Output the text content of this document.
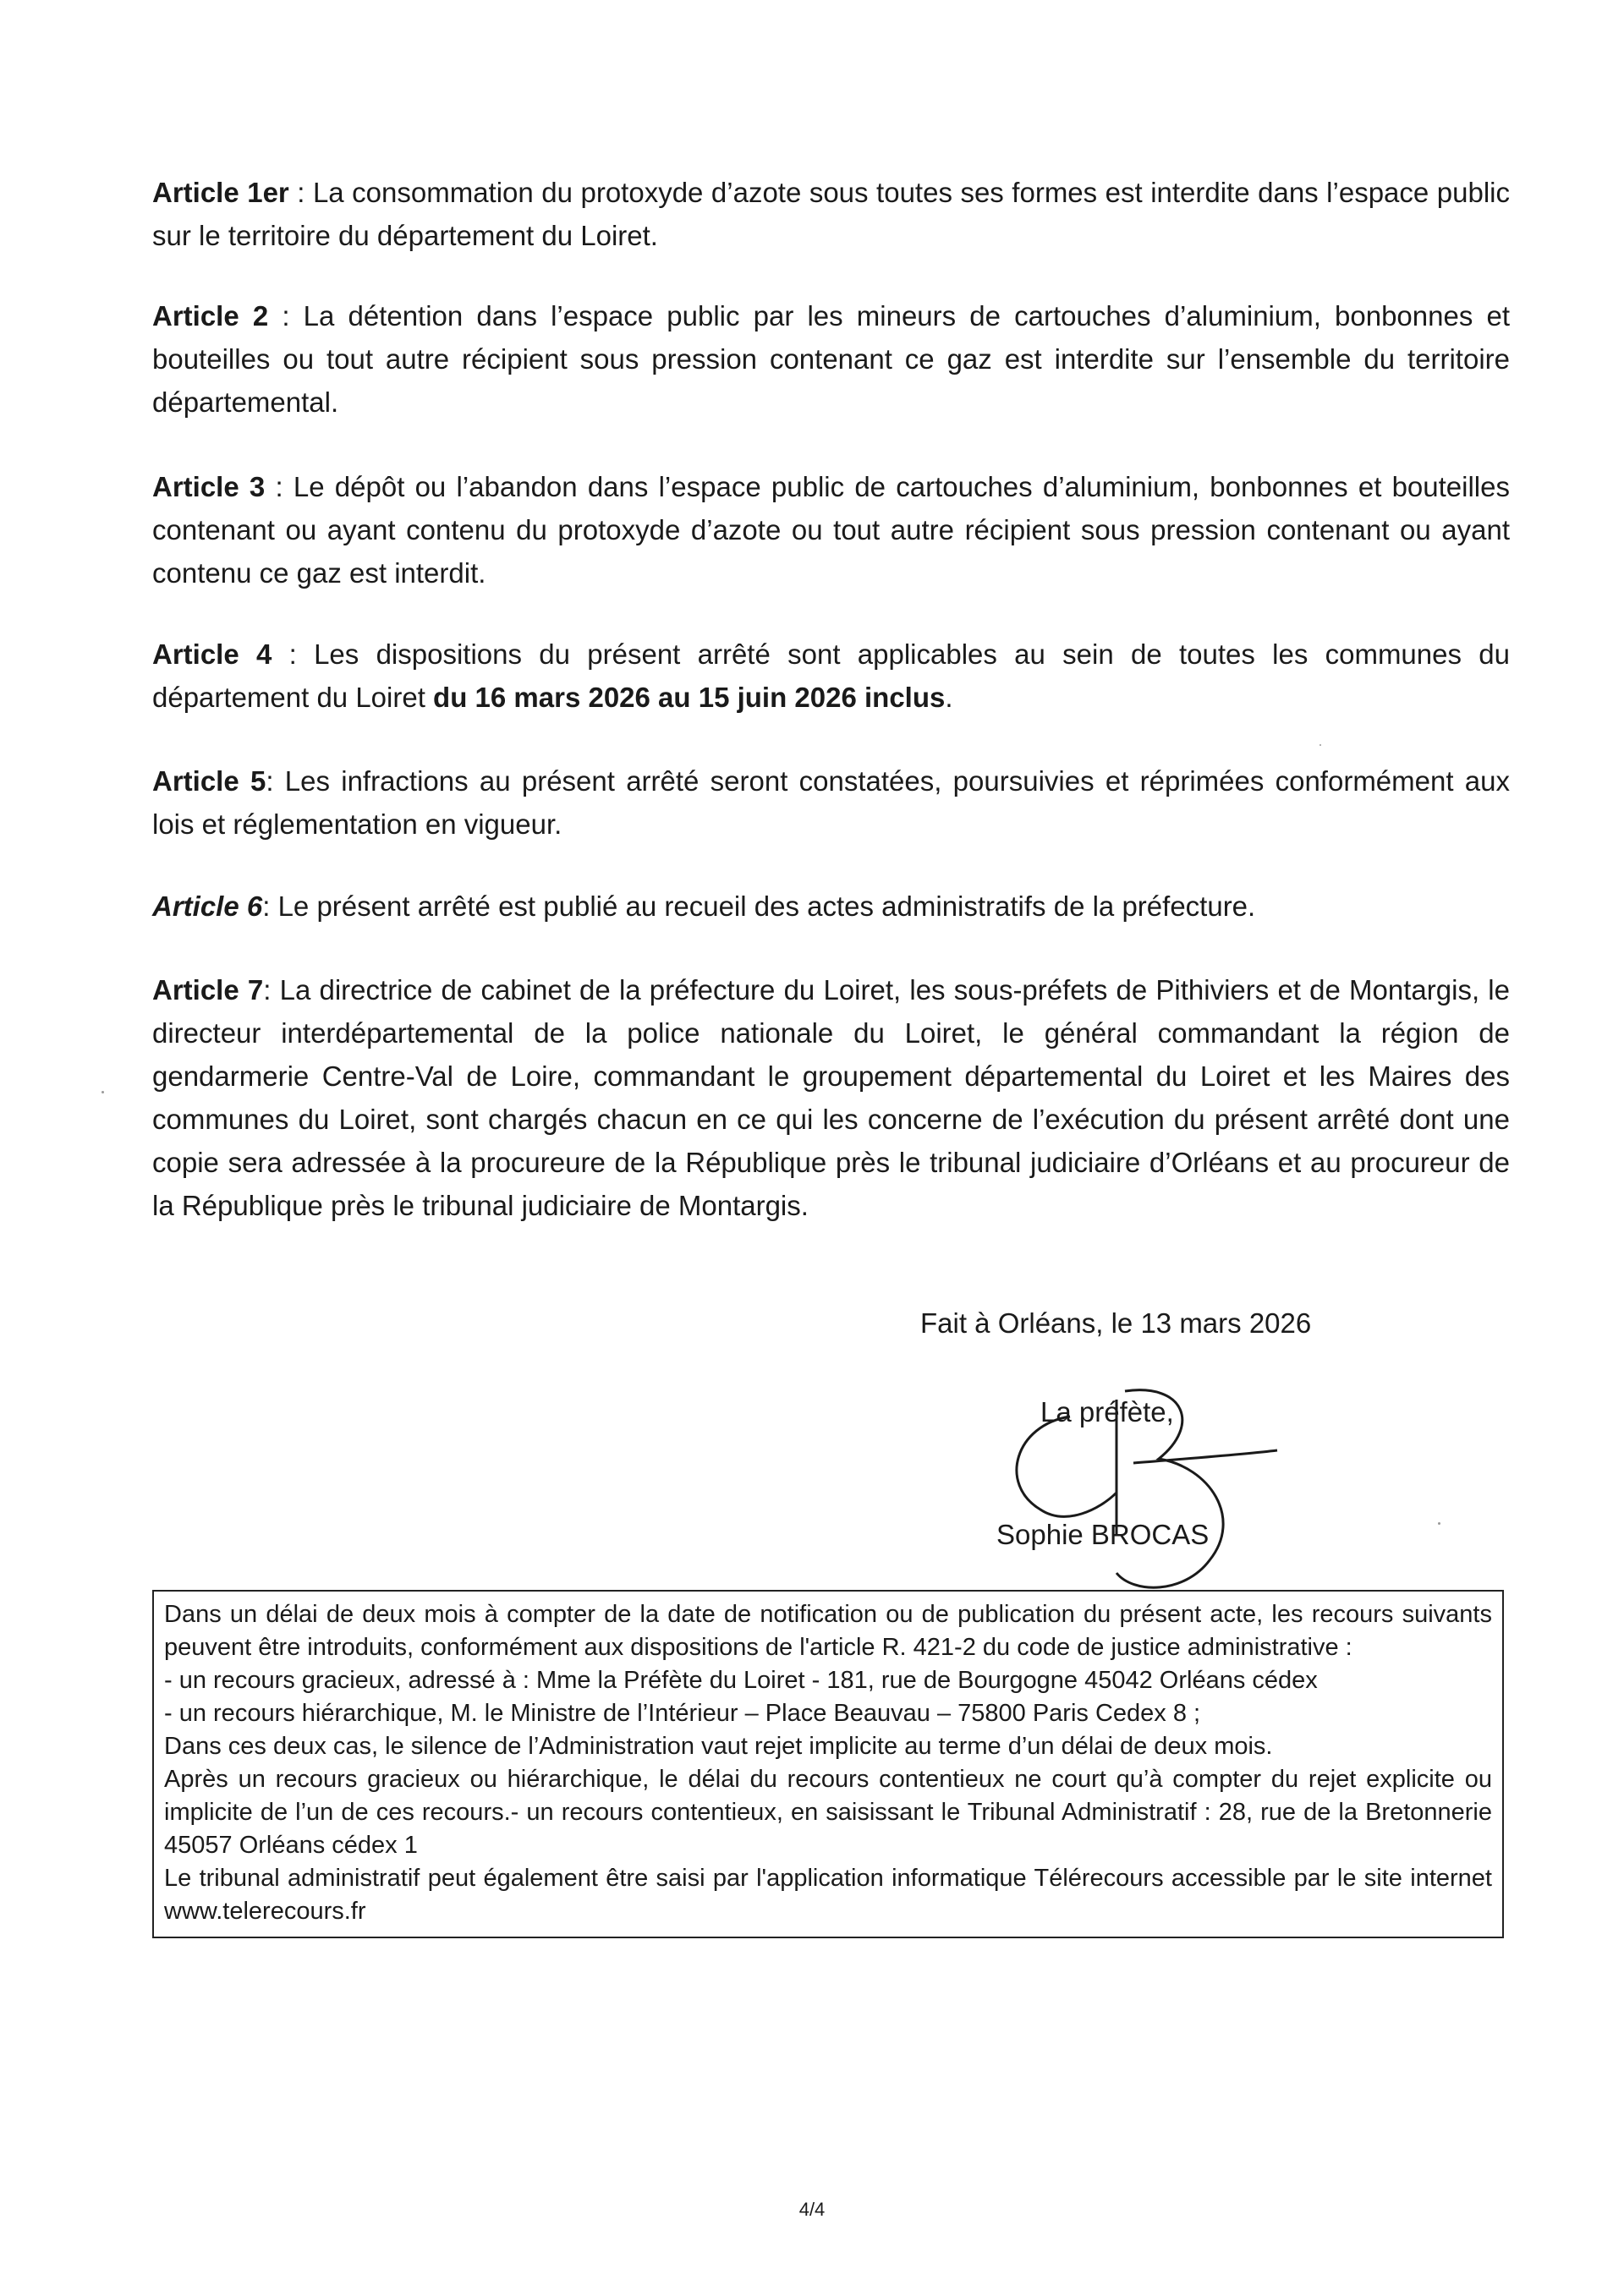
Article 1er : La consommation du protoxyde d’azote sous toutes ses formes est interdite dans l’espace public sur le territoire du département du Loiret.

Article 2 : La détention dans l’espace public par les mineurs de cartouches d’aluminium, bonbonnes et bouteilles ou tout autre récipient sous pression contenant ce gaz est interdite sur l’ensemble du territoire départemental.

Article 3 : Le dépôt ou l’abandon dans l’espace public de cartouches d’aluminium, bonbonnes et bouteilles contenant ou ayant contenu du protoxyde d’azote ou tout autre récipient sous pression contenant ou ayant contenu ce gaz est interdit.

Article 4 : Les dispositions du présent arrêté sont applicables au sein de toutes les communes du département du Loiret du 16 mars 2026 au 15 juin 2026 inclus.

Article 5: Les infractions au présent arrêté seront constatées, poursuivies et réprimées conformément aux lois et réglementation en vigueur.

Article 6: Le présent arrêté est publié au recueil des actes administratifs de la préfecture.

Article 7: La directrice de cabinet de la préfecture du Loiret, les sous-préfets de Pithiviers et de Montargis, le directeur interdépartemental de la police nationale du Loiret, le général commandant la région de gendarmerie Centre-Val de Loire, commandant le groupement départemental du Loiret et les Maires des communes du Loiret, sont chargés chacun en ce qui les concerne de l’exécution du présent arrêté dont une copie sera adressée à la procureure de la République près le tribunal judiciaire d’Orléans et au procureur de la République près le tribunal judiciaire de Montargis.

Fait à Orléans, le 13 mars 2026
La préfète,
Sophie BROCAS

Dans un délai de deux mois à compter de la date de notification ou de publication du présent acte, les recours suivants peuvent être introduits, conformément aux dispositions de l'article R. 421-2 du code de justice administrative :

- un recours gracieux, adressé à : Mme la Préfète du Loiret - 181, rue de Bourgogne 45042 Orléans cédex

- un recours hiérarchique, M. le Ministre de l’Intérieur – Place Beauvau – 75800 Paris Cedex 8 ;

Dans ces deux cas, le silence de l’Administration vaut rejet implicite au terme d’un délai de deux mois.

Après un recours gracieux ou hiérarchique, le délai du recours contentieux ne court qu’à compter du rejet explicite ou implicite de l’un de ces recours.- un recours contentieux, en saisissant le Tribunal Administratif : 28, rue de la Bretonnerie 45057 Orléans cédex 1

Le tribunal administratif peut également être saisi par l'application informatique Télérecours accessible par le site internet www.telerecours.fr

4/4
